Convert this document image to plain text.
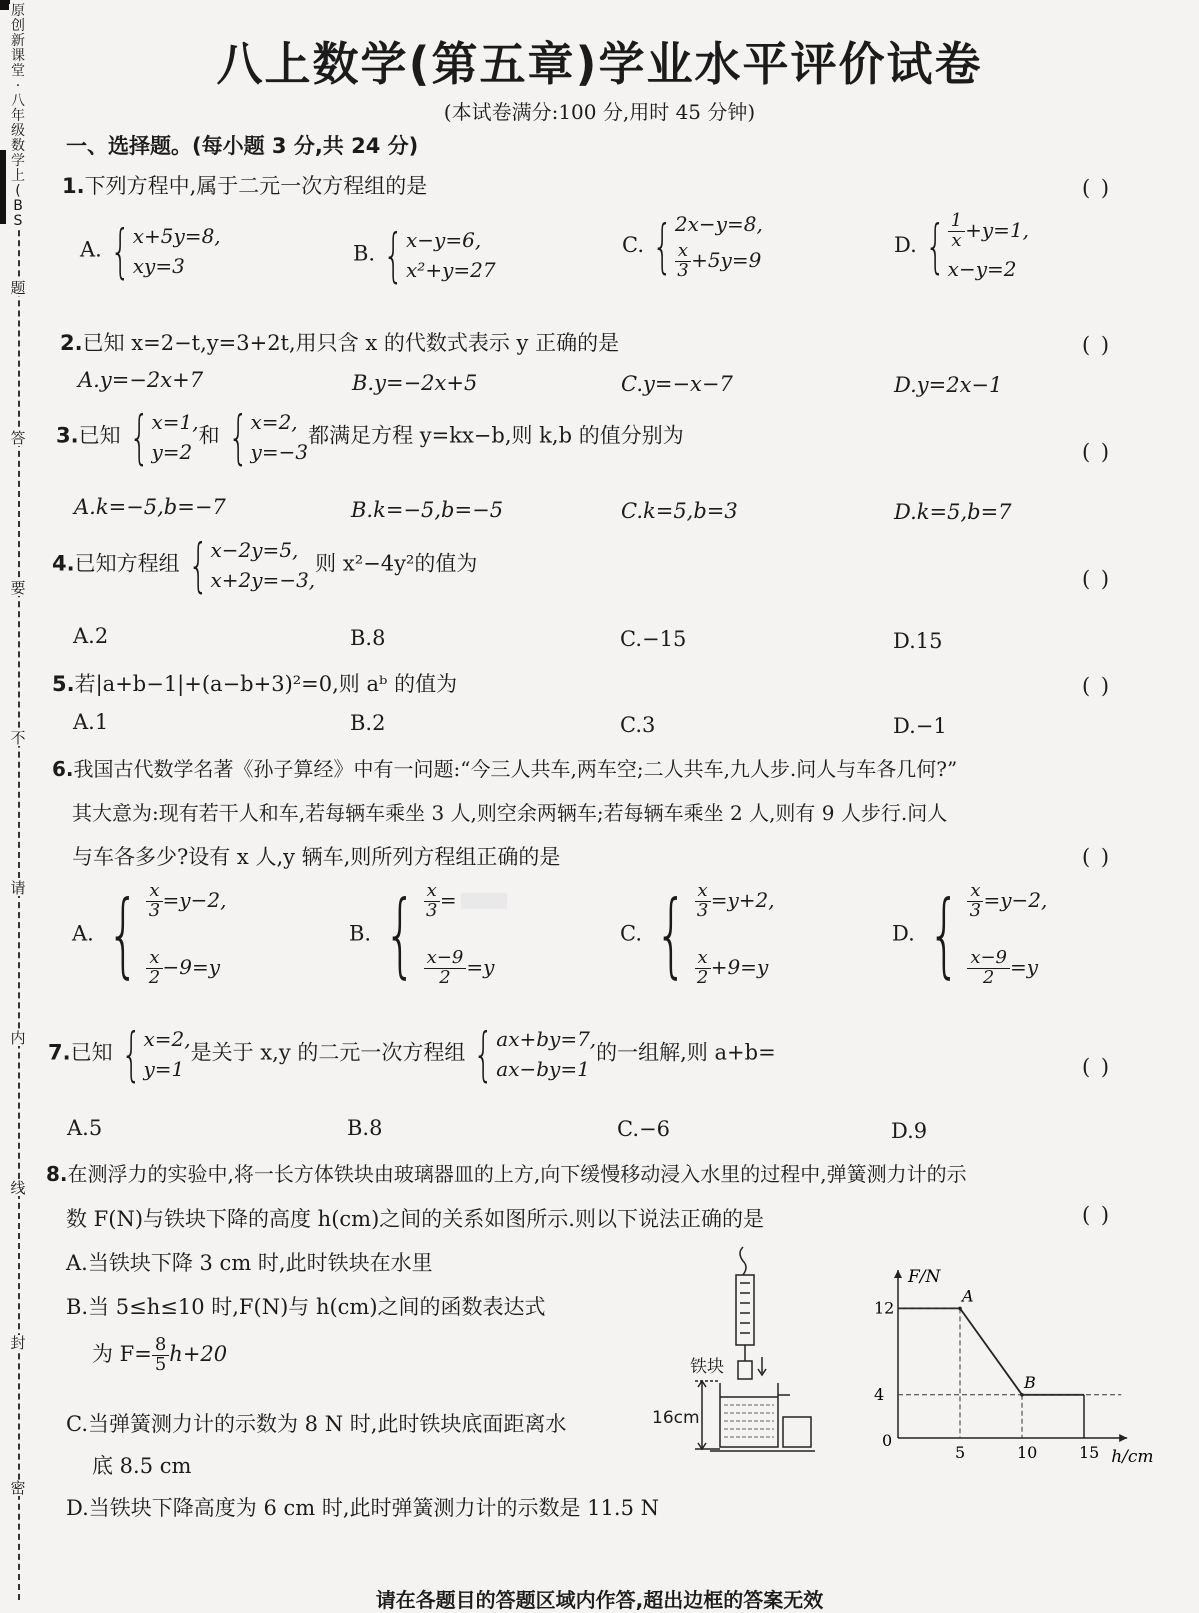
原
创
新
课
堂
·
八
年
级
数
学
上
(
B
S
题
答
要
不
请
内
线
封
密
八上数学(第五章)学业水平评价试卷
(本试卷满分:100 分,用时 45 分钟)
一、选择题。(每小题 3 分,共 24 分)
1.下列方程中,属于二元一次方程组的是	( )
A. { x+5y=8,
xy=3
B. { x−y=6,
x²+y=27
C. { 2x−y=8,
$\frac{x}{3} +5y=9$
D. { $\frac{1}{x} +y=1$,
x−y=2
2.已知 x=2−t,y=3+2t,用只含 x 的代数式表示 y 正确的是	( )
A.y=−2x+7	B.y=−2x+5	C.y=−x−7	D.y=2x−1
3.已知 { x=1,
y=2
和 { x=2,
y=−3
都满足方程 y=kx−b,则 k,b 的值分别为
( )
A.k=−5,b=−7	B.k=−5,b=−5	C.k=5,b=3	D.k=5,b=7
4.已知方程组 { x−2y=5,
x+2y=−3,
则 x²−4y²的值为
( )
A.2	B.8	C.−15	D.15
5.若|a+b−1|+(a−b+3)²=0,则 aᵇ 的值为	( )
A.1	B.2	C.3	D.−1
6.我国古代数学名著《孙子算经》中有一问题:“今三人共车,两车空;二人共车,九人步.问人与车各几何?”
其大意为:现有若干人和车,若每辆车乘坐 3 人,则空余两辆车;若每辆车乘坐 2 人,则有 9 人步行.问人
与车各多少?设有 x 人,y 辆车,则所列方程组正确的是	( )
A. { $\frac{x}{3} =y-2$,
$\frac{x}{2} -9=y$
B. { $\frac{x}{3}$ =
$\frac{x-9}{2} =y$
C. { $\frac{x}{3} =y+2$,
$\frac{x}{2} +9=y$
D. { $\frac{x}{3} =y-2$,
$\frac{x-9}{2} =y$
7.已知 { x=2,
y=1
是关于 x,y 的二元一次方程组 { ax+by=7,
ax−by=1
的一组解,则 a+b=
( )
A.5	B.8	C.−6	D.9
8.在测浮力的实验中,将一长方体铁块由玻璃器皿的上方,向下缓慢移动浸入水里的过程中,弹簧测力计的示
数 F(N)与铁块下降的高度 h(cm)之间的关系如图所示.则以下说法正确的是	( )
A.当铁块下降 3 cm 时,此时铁块在水里
B.当 5≤h≤10 时,F(N)与 h(cm)之间的函数表达式
为 $F= \frac{8}{5} h+20$
C.当弹簧测力计的示数为 8 N 时,此时铁块底面距离水
底 8.5 cm
D.当铁块下降高度为 6 cm 时,此时弹簧测力计的示数是 11.5 N
铁块
16cm
F/N
h/cm
0
A
B
5	10	15
12
4
请在各题目的答题区域内作答,超出边框的答案无效
